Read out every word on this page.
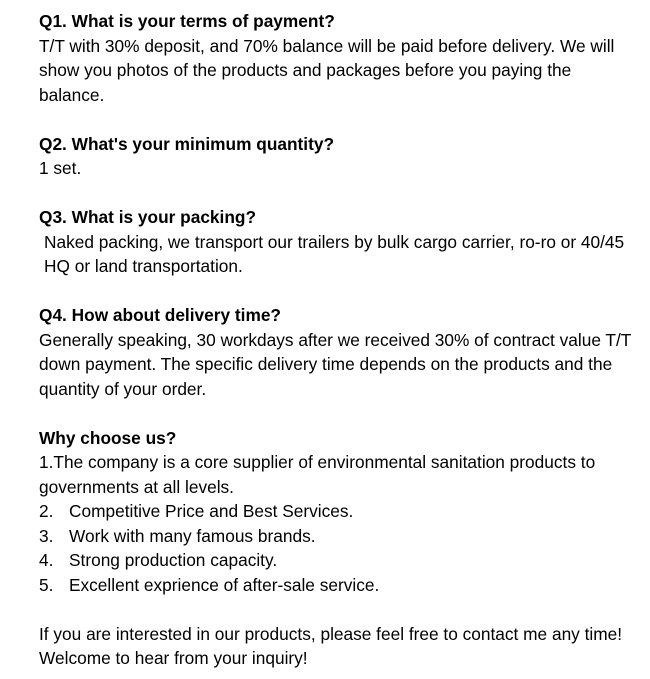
Q1. What is your terms of payment?
T/T with 30% deposit, and 70% balance will be paid before delivery. We will show you photos of the products and packages before you paying the balance.
Q2. What's your minimum quantity?
1 set.
Q3. What is your packing?
Naked packing, we transport our trailers by bulk cargo carrier, ro-ro or 40/45 HQ or land transportation.
Q4. How about delivery time?
Generally speaking, 30 workdays after we received 30% of contract value T/T down payment. The specific delivery time depends on the products and the quantity of your order.
Why choose us?
1.The company is a core supplier of environmental sanitation products to governments at all levels.
2. Competitive Price and Best Services.
3. Work with many famous brands.
4. Strong production capacity.
5. Excellent exprience of after-sale service.
If you are interested in our products, please feel free to contact me any time! Welcome to hear from your inquiry!
